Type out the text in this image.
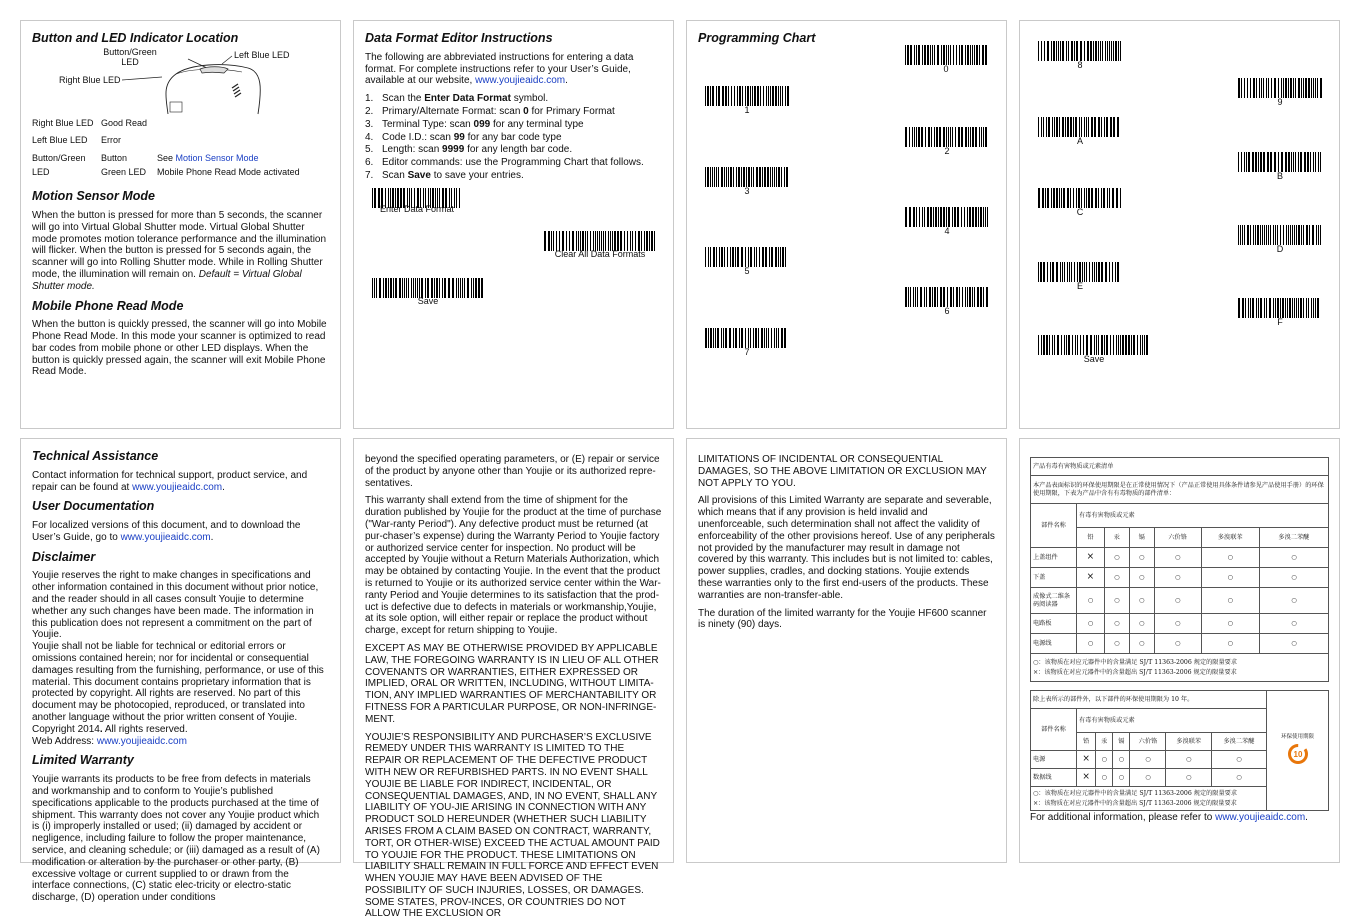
Button and LED Indicator Location
Button/Green LED
Left Blue LED
Right Blue LED
Right Blue LED	Good Read	
Left Blue LED	Error	
Button/Green	Button	See Motion Sensor Mode
LED	Green LED	Mobile Phone Read Mode activated
Motion Sensor Mode

When the button is pressed for more than 5 seconds, the scanner will go into Virtual Global Shutter mode. Virtual Global Shutter mode promotes motion tolerance performance and the illumination will flicker. When the button is pressed for 5 seconds again, the scanner will go into Rolling Shutter mode. While in Rolling Shutter mode, the illumination will remain on. Default = Virtual Global Shutter mode.

Mobile Phone Read Mode

When the button is quickly pressed, the scanner will go into Mobile Phone Read Mode. In this mode your scanner is optimized to read bar codes from mobile phone or other LED displays. When the button is quickly pressed again, the scanner will exit Mobile Phone Read Mode.

Data Format Editor Instructions

The following are abbreviated instructions for entering a data format. For complete instructions refer to your User’s Guide, available at our website, www.youjieaidc.com.

1. Scan the Enter Data Format symbol.
2. Primary/Alternate Format: scan 0 for Primary Format
3. Terminal Type: scan 099 for any terminal type
4. Code I.D.: scan 99 for any bar code type
5. Length: scan 9999 for any length bar code.
6. Editor commands: use the Programming Chart that follows.
7. Scan Save to save your entries.
Enter Data Format
Clear All Data Formats
Save
Programming Chart
0
1
2
3
4
5
6
7
8
9
A
B
C
D
E
F
Save
Technical Assistance

Contact information for technical support, product service, and repair can be found at www.youjieaidc.com.

User Documentation

For localized versions of this document, and to download the User’s Guide, go to www.youjieaidc.com.

Disclaimer

Youjie reserves the right to make changes in specifications and other information contained in this document without prior notice, and the reader should in all cases consult Youjie to determine whether any such changes have been made. The information in this publication does not represent a commitment on the part of Youjie.

Youjie shall not be liable for technical or editorial errors or omissions contained herein; nor for incidental or consequential damages resulting from the furnishing, performance, or use of this material. This document contains proprietary information that is protected by copyright. All rights are reserved. No part of this document may be photocopied, reproduced, or translated into another language without the prior written consent of Youjie.

Copyright 2014. All rights reserved.

Web Address: www.youjieaidc.com

Limited Warranty

Youjie warrants its products to be free from defects in materials and workmanship and to conform to Youjie’s published specifications applicable to the products purchased at the time of shipment. This warranty does not cover any Youjie product which is (i) improperly installed or used; (ii) damaged by accident or negligence, including failure to follow the proper maintenance, service, and cleaning schedule; or (iii) damaged as a result of (A) modification or alteration by the purchaser or other party, (B) excessive voltage or current supplied to or drawn from the interface connections, (C) static elec-tricity or electro-static discharge, (D) operation under conditions

beyond the specified operating parameters, or (E) repair or service of the product by anyone other than Youjie or its authorized repre-sentatives.

This warranty shall extend from the time of shipment for the duration published by Youjie for the product at the time of purchase ("War-ranty Period"). Any defective product must be returned (at pur-chaser’s expense) during the Warranty Period to Youjie factory or authorized service center for inspection. No product will be accepted by Youjie without a Return Materials Authorization, which may be obtained by contacting Youjie. In the event that the product is returned to Youjie or its authorized service center within the War-ranty Period and Youjie determines to its satisfaction that the prod-uct is defective due to defects in materials or workmanship,Youjie, at its sole option, will either repair or replace the product without charge, except for return shipping to Youjie.

EXCEPT AS MAY BE OTHERWISE PROVIDED BY APPLICABLE LAW, THE FOREGOING WARRANTY IS IN LIEU OF ALL OTHER COVENANTS OR WARRANTIES, EITHER EXPRESSED OR IMPLIED, ORAL OR WRITTEN, INCLUDING, WITHOUT LIMITA-TION, ANY IMPLIED WARRANTIES OF MERCHANTABILITY OR FITNESS FOR A PARTICULAR PURPOSE, OR NON-INFRINGE-MENT.

YOUJIE’S RESPONSIBILITY AND PURCHASER’S EXCLUSIVE REMEDY UNDER THIS WARRANTY IS LIMITED TO THE REPAIR OR REPLACEMENT OF THE DEFECTIVE PRODUCT WITH NEW OR REFURBISHED PARTS. IN NO EVENT SHALL YOUJIE BE LIABLE FOR INDIRECT, INCIDENTAL, OR CONSEQUENTIAL DAMAGES, AND, IN NO EVENT, SHALL ANY LIABILITY OF YOU-JIE ARISING IN CONNECTION WITH ANY PRODUCT SOLD HEREUNDER (WHETHER SUCH LIABILITY ARISES FROM A CLAIM BASED ON CONTRACT, WARRANTY, TORT, OR OTHER-WISE) EXCEED THE ACTUAL AMOUNT PAID TO YOUJIE FOR THE PRODUCT. THESE LIMITATIONS ON LIABILITY SHALL REMAIN IN FULL FORCE AND EFFECT EVEN WHEN YOUJIE MAY HAVE BEEN ADVISED OF THE POSSIBILITY OF SUCH INJURIES, LOSSES, OR DAMAGES. SOME STATES, PROV-INCES, OR COUNTRIES DO NOT ALLOW THE EXCLUSION OR

LIMITATIONS OF INCIDENTAL OR CONSEQUENTIAL DAMAGES, SO THE ABOVE LIMITATION OR EXCLUSION MAY NOT APPLY TO YOU.

All provisions of this Limited Warranty are separate and severable, which means that if any provision is held invalid and unenforceable, such determination shall not affect the validity of enforceability of the other provisions hereof. Use of any peripherals not provided by the manufacturer may result in damage not covered by this warranty. This includes but is not limited to: cables, power supplies, cradles, and docking stations. Youjie extends these warranties only to the first end-users of the products. These warranties are non-transfer-able.

The duration of the limited warranty for the Youjie HF600 scanner is ninety (90) days.

产品有毒有害物质或元素清单						
本产品表面标识的环保使用期限是在正常使用情况下（产品正常使用具体条件请参见产品使用手册）的环保使用期限，下表为产品中含有有毒物质的部件清单：						
部件名称	有毒有害物质或元素					
	铅	汞	镉	六价铬	多溴联苯	多溴二苯醚
上盖组件	×	○	○	○	○	○
下盖	×	○	○	○	○	○
成像式二维条码阅读器	○	○	○	○	○	○
电路板	○	○	○	○	○	○
电源线	○	○	○	○	○	○

○：该物质在对应元器件中的含量满足 SJ/T 11363-2006 规定的限量要求
×：该物质在对应元器件中的含量超出 SJ/T 11363-2006 规定的限量要求						
除上表所示的部件外，以下部件的环保使用期限为 10 年。							环保使用期限
10

部件名称	有毒有害物质或元素						
	铅	汞	镉	六价铬	多溴联苯	多溴二苯醚	
电源	×	○	○	○	○	○	
数据线	×	○	○	○	○	○	

○：该物质在对应元器件中的含量满足 SJ/T 11363-2006 规定的限量要求
×：该物质在对应元器件中的含量超出 SJ/T 11363-2006 规定的限量要求							

For additional information, please refer to www.youjieaidc.com.
